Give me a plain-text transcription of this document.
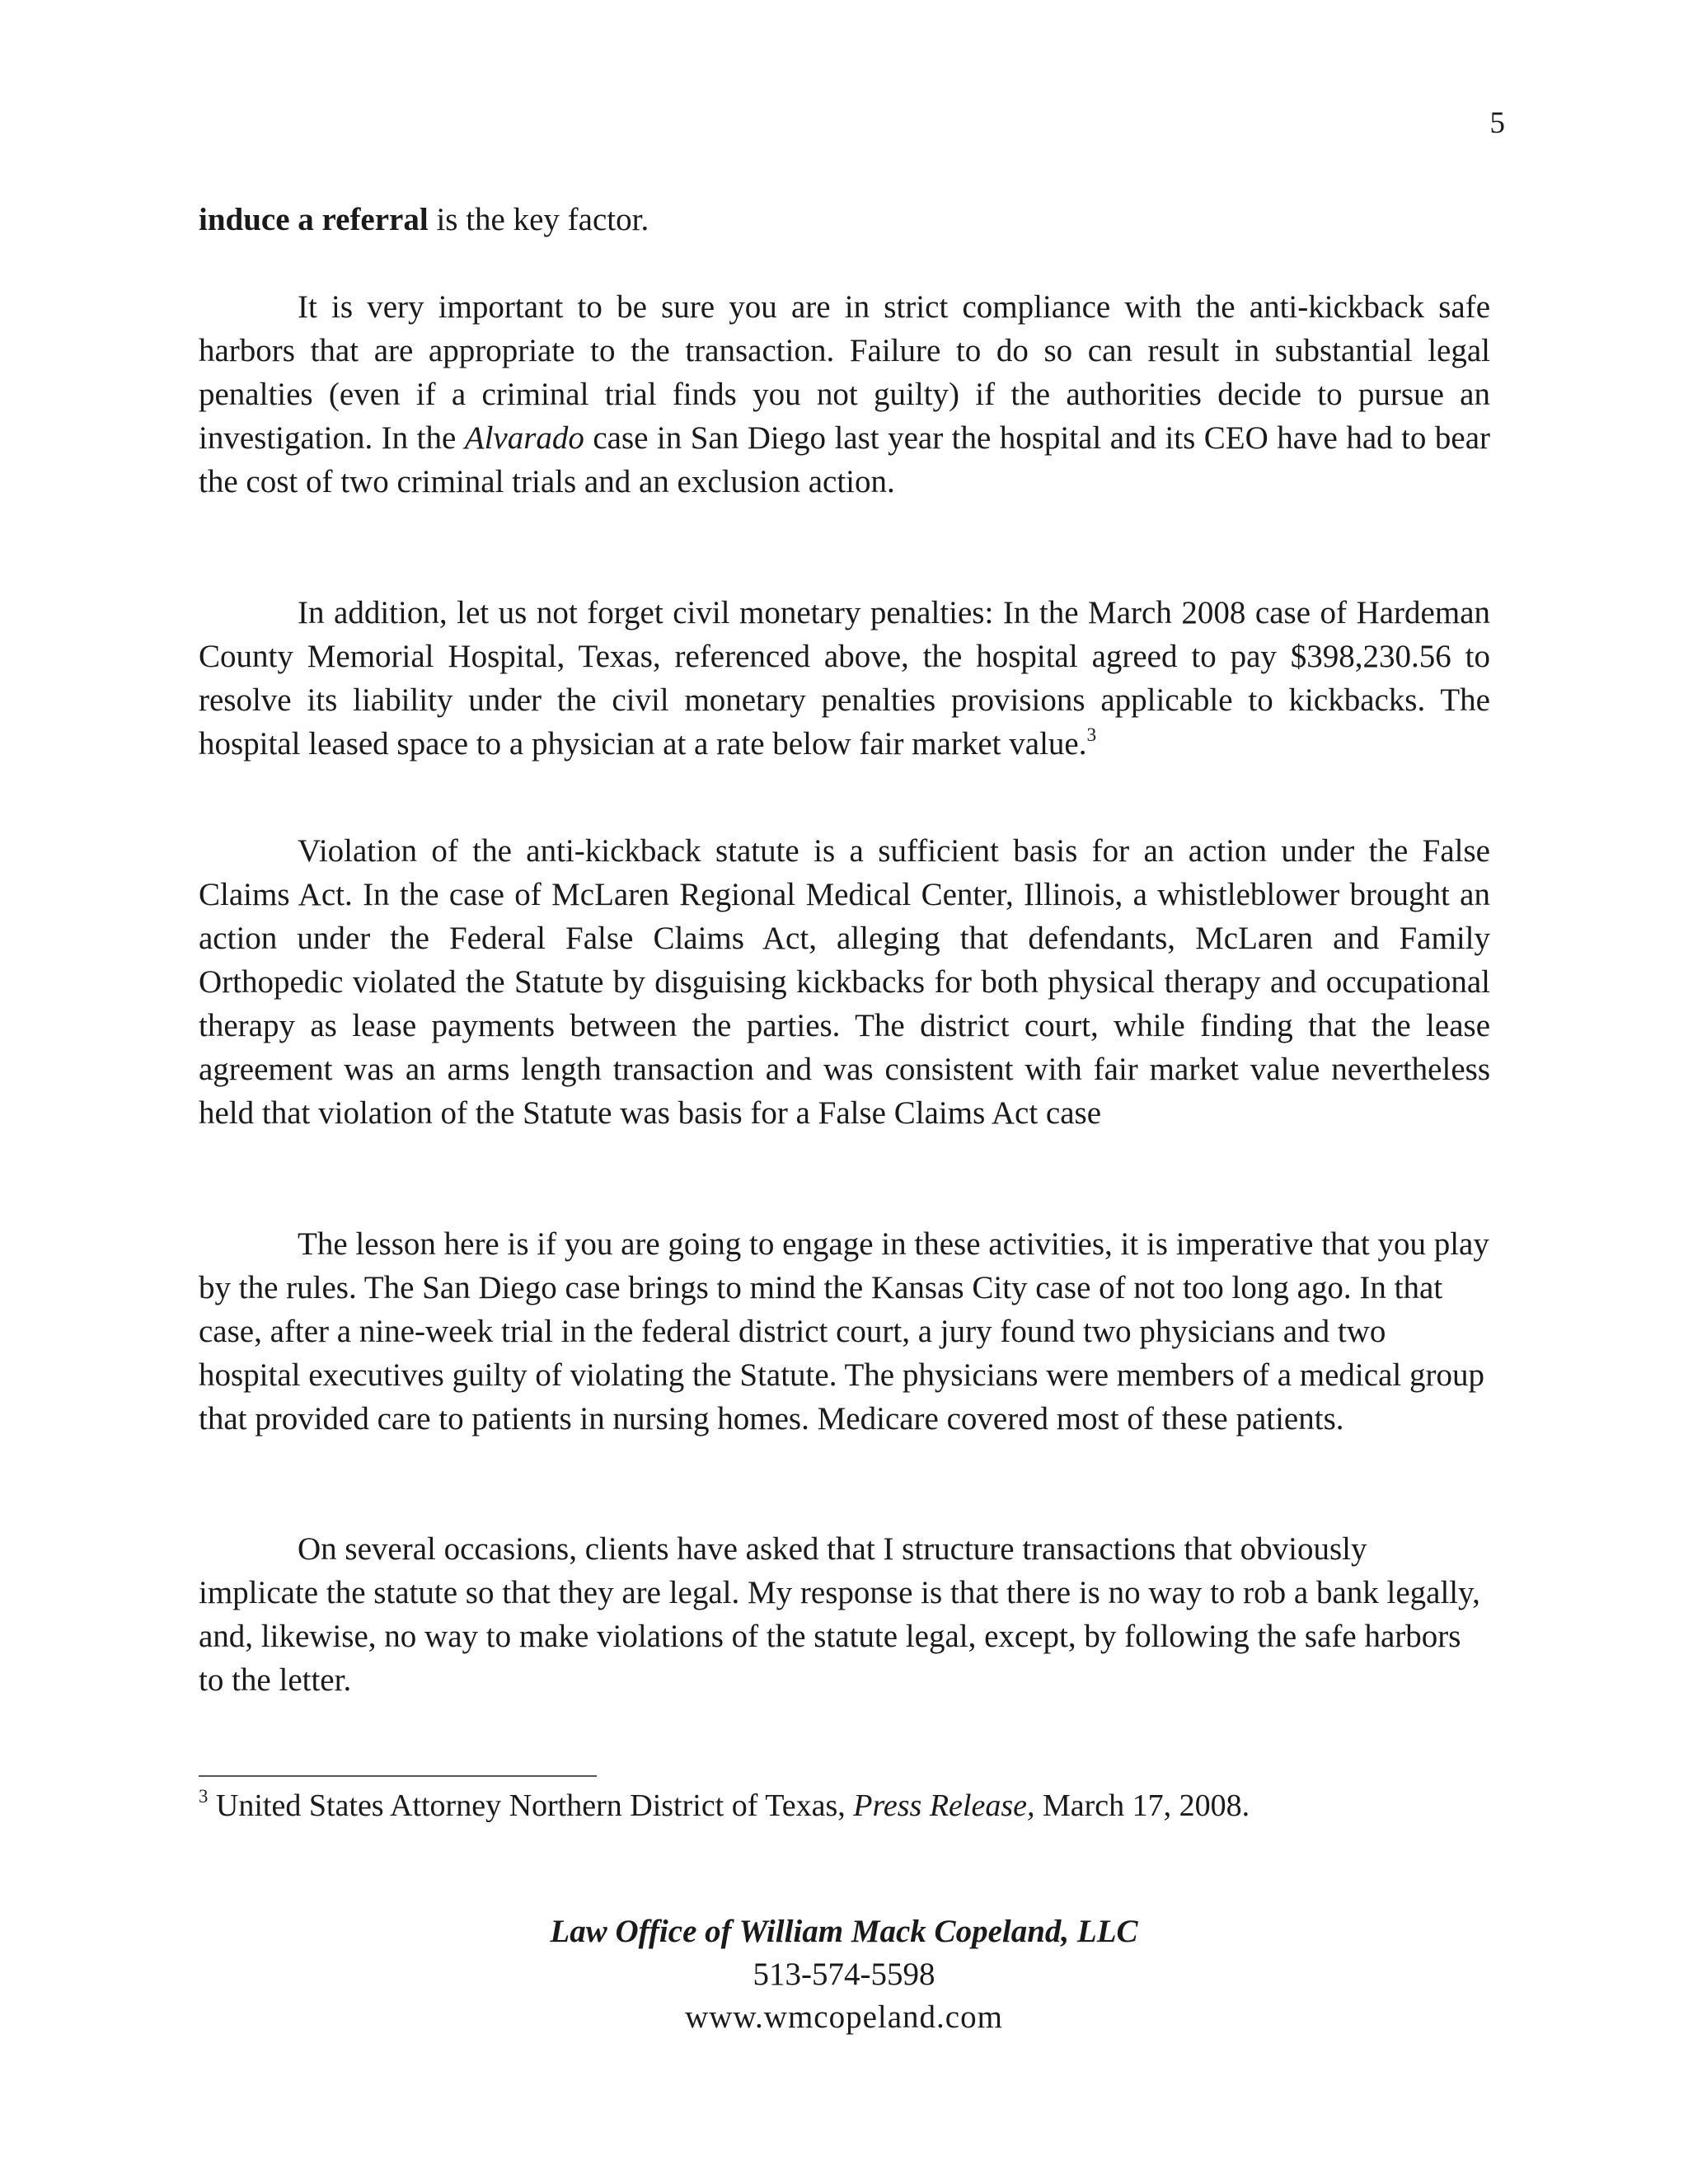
5

induce a referral is the key factor.

It is very important to be sure you are in strict compliance with the anti-kickback safe harbors that are appropriate to the transaction. Failure to do so can result in substantial legal penalties (even if a criminal trial finds you not guilty) if the authorities decide to pursue an investigation. In the Alvarado case in San Diego last year the hospital and its CEO have had to bear the cost of two criminal trials and an exclusion action.

In addition, let us not forget civil monetary penalties: In the March 2008 case of Hardeman County Memorial Hospital, Texas, referenced above, the hospital agreed to pay $398,230.56 to resolve its liability under the civil monetary penalties provisions applicable to kickbacks. The hospital leased space to a physician at a rate below fair market value.$^3$

Violation of the anti-kickback statute is a sufficient basis for an action under the False Claims Act. In the case of McLaren Regional Medical Center, Illinois, a whistleblower brought an action under the Federal False Claims Act, alleging that defendants, McLaren and Family Orthopedic violated the Statute by disguising kickbacks for both physical therapy and occupational therapy as lease payments between the parties. The district court, while finding that the lease agreement was an arms length transaction and was consistent with fair market value nevertheless held that violation of the Statute was basis for a False Claims Act case

The lesson here is if you are going to engage in these activities, it is imperative that you play by the rules. The San Diego case brings to mind the Kansas City case of not too long ago. In that case, after a nine-week trial in the federal district court, a jury found two physicians and two hospital executives guilty of violating the Statute. The physicians were members of a medical group that provided care to patients in nursing homes. Medicare covered most of these patients.

On several occasions, clients have asked that I structure transactions that obviously implicate the statute so that they are legal. My response is that there is no way to rob a bank legally, and, likewise, no way to make violations of the statute legal, except, by following the safe harbors to the letter.

$^3$ United States Attorney Northern District of Texas, Press Release, March 17, 2008.
Law Office of William Mack Copeland, LLC
513-574-5598
www.wmcopeland.com
